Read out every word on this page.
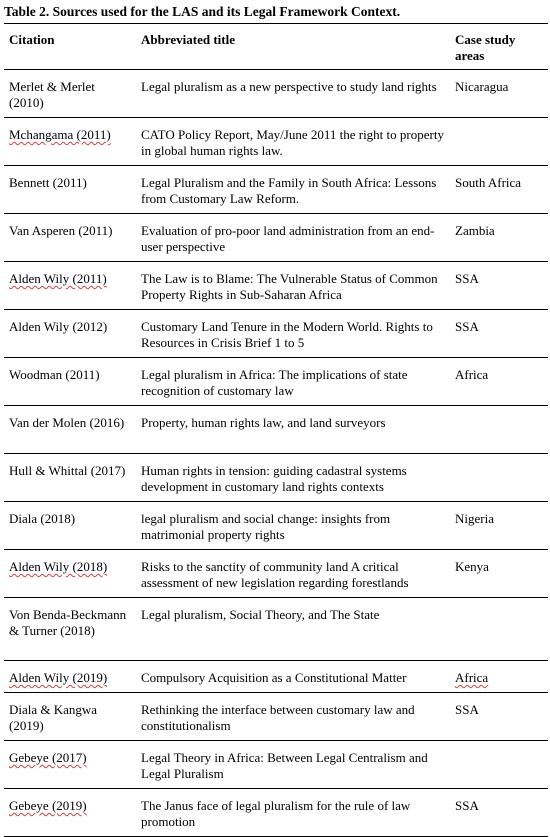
Table 2. Sources used for the LAS and its Legal Framework Context.
Citation	Abbreviated title	Case study areas
Merlet & Merlet (2010)	Legal pluralism as a new perspective to study land rights	Nicaragua
Mchangama (2011)	CATO Policy Report, May/June 2011 the right to property in global human rights law.	
Bennett (2011)	Legal Pluralism and the Family in South Africa: Lessons from Customary Law Reform.	South Africa
Van Asperen (2011)	Evaluation of pro-poor land administration from an end-user perspective	Zambia
Alden Wily (2011)	The Law is to Blame: The Vulnerable Status of Common Property Rights in Sub-Saharan Africa	SSA
Alden Wily (2012)	Customary Land Tenure in the Modern World. Rights to Resources in Crisis Brief 1 to 5	SSA
Woodman (2011)	Legal pluralism in Africa: The implications of state recognition of customary law	Africa
Van der Molen (2016)	Property, human rights law, and land surveyors	
Hull & Whittal (2017)	Human rights in tension: guiding cadastral systems development in customary land rights contexts	
Diala (2018)	legal pluralism and social change: insights from matrimonial property rights	Nigeria
Alden Wily (2018)	Risks to the sanctity of community land A critical assessment of new legislation regarding forestlands	Kenya
Von Benda-Beckmann & Turner (2018)	Legal pluralism, Social Theory, and The State	
Alden Wily (2019)	Compulsory Acquisition as a Constitutional Matter	Africa
Diala & Kangwa (2019)	Rethinking the interface between customary law and constitutionalism	SSA
Gebeye (2017)	Legal Theory in Africa: Between Legal Centralism and Legal Pluralism	
Gebeye (2019)	The Janus face of legal pluralism for the rule of law promotion	SSA
